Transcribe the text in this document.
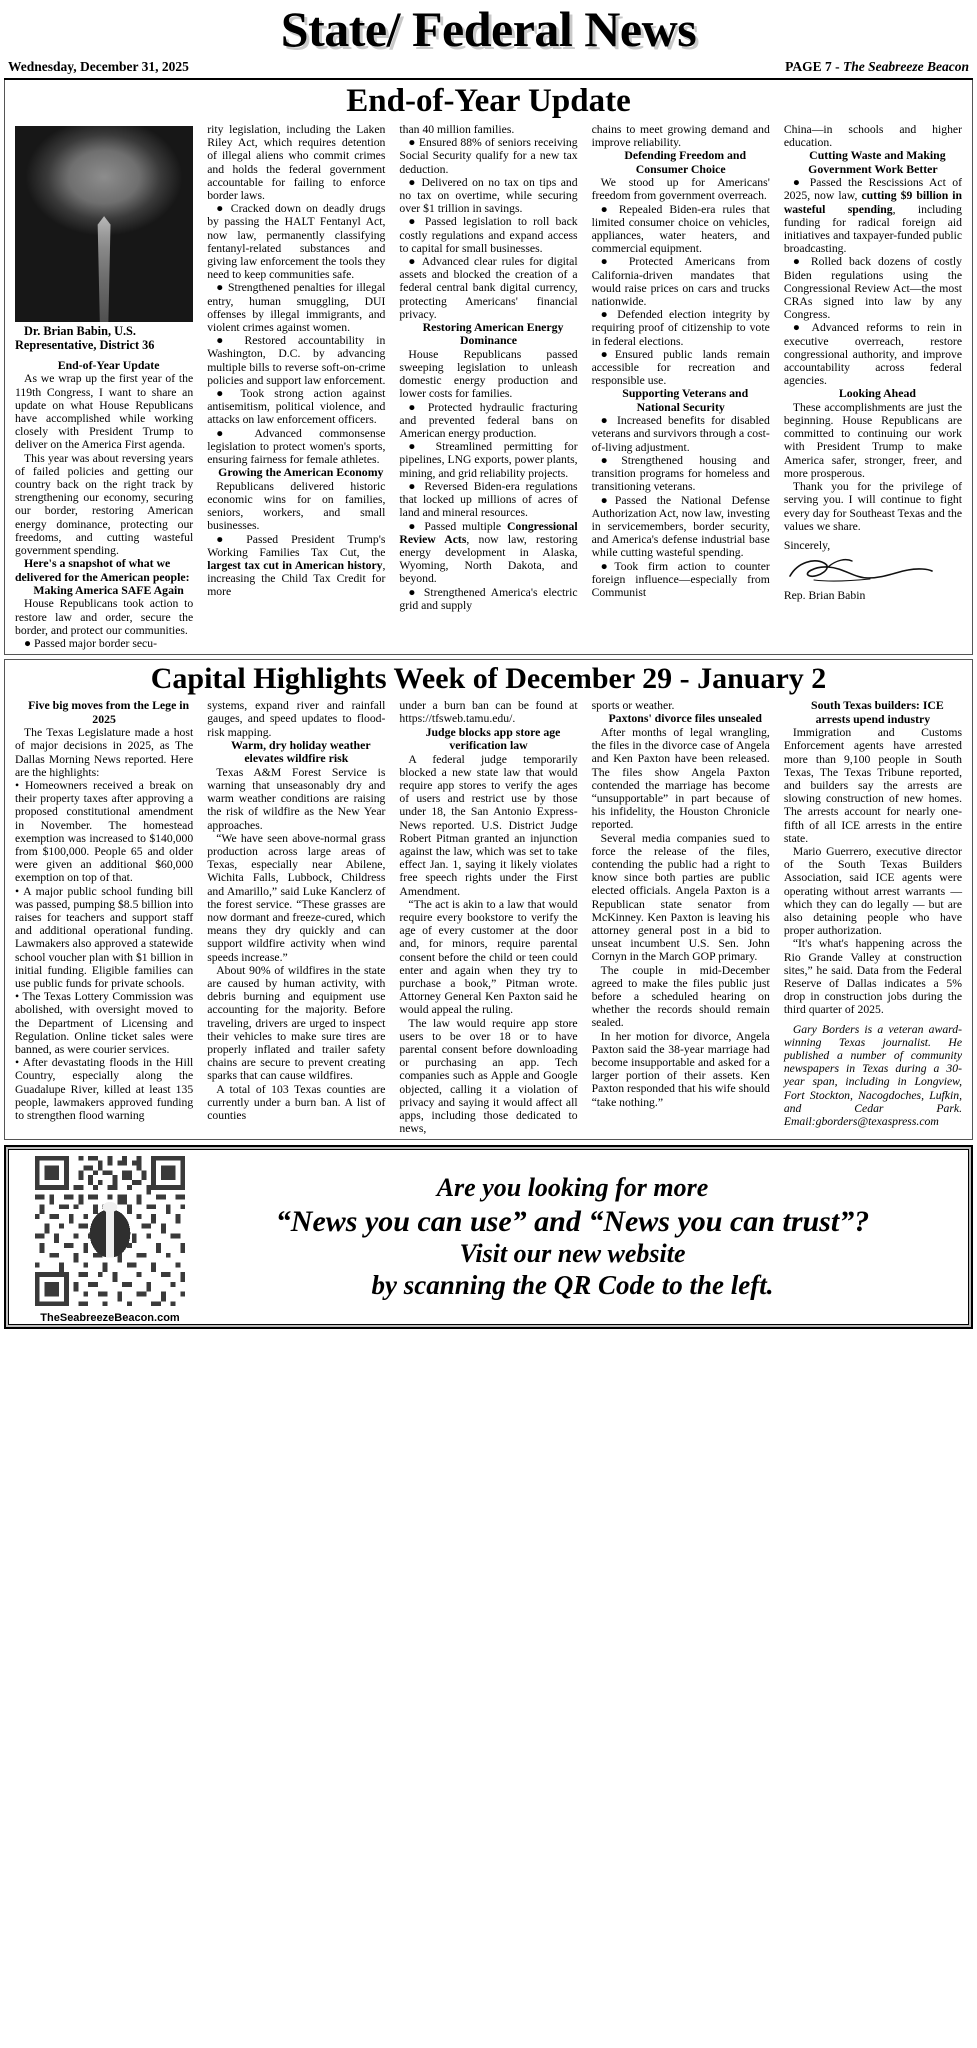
State/ Federal News
Wednesday, December 31, 2025	PAGE 7 - The Seabreeze Beacon
End-of-Year Update

Dr. Brian Babin, U.S. Representative, District 36

End-of-Year Update

As we wrap up the first year of the 119th Congress, I want to share an update on what House Republicans have accomplished while working closely with President Trump to deliver on the America First agenda.

This year was about reversing years of failed policies and getting our country back on the right track by strengthening our economy, securing our border, restoring American energy dominance, protecting our freedoms, and cutting wasteful government spending.

Here's a snapshot of what we delivered for the American people:

Making America SAFE Again

House Republicans took action to restore law and order, secure the border, and protect our communities.

● Passed major border secu-

rity legislation, including the Laken Riley Act, which requires detention of illegal aliens who commit crimes and holds the federal government accountable for failing to enforce border laws.

● Cracked down on deadly drugs by passing the HALT Fentanyl Act, now law, permanently classifying fentanyl-related substances and giving law enforcement the tools they need to keep communities safe.

● Strengthened penalties for illegal entry, human smuggling, DUI offenses by illegal immigrants, and violent crimes against women.

● Restored accountability in Washington, D.C. by advancing multiple bills to reverse soft-on-crime policies and support law enforcement.

● Took strong action against antisemitism, political violence, and attacks on law enforcement officers.

● Advanced commonsense legislation to protect women's sports, ensuring fairness for female athletes.

Growing the American Economy

Republicans delivered historic economic wins for on families, seniors, workers, and small businesses.

● Passed President Trump's Working Families Tax Cut, the largest tax cut in American history, increasing the Child Tax Credit for more

than 40 million families.

● Ensured 88% of seniors receiving Social Security qualify for a new tax deduction.

● Delivered on no tax on tips and no tax on overtime, while securing over $1 trillion in savings.

● Passed legislation to roll back costly regulations and expand access to capital for small businesses.

● Advanced clear rules for digital assets and blocked the creation of a federal central bank digital currency, protecting Americans' financial privacy.

Restoring American Energy Dominance

House Republicans passed sweeping legislation to unleash domestic energy production and lower costs for families.

● Protected hydraulic fracturing and prevented federal bans on American energy production.

● Streamlined permitting for pipelines, LNG exports, power plants, mining, and grid reliability projects.

● Reversed Biden-era regulations that locked up millions of acres of land and mineral resources.

● Passed multiple Congressional Review Acts, now law, restoring energy development in Alaska, Wyoming, North Dakota, and beyond.

● Strengthened America's electric grid and supply

chains to meet growing demand and improve reliability.

Defending Freedom and Consumer Choice

We stood up for Americans' freedom from government overreach.

● Repealed Biden-era rules that limited consumer choice on vehicles, appliances, water heaters, and commercial equipment.

● Protected Americans from California-driven mandates that would raise prices on cars and trucks nationwide.

● Defended election integrity by requiring proof of citizenship to vote in federal elections.

●Ensured public lands remain accessible for recreation and responsible use.

Supporting Veterans and National Security

● Increased benefits for disabled veterans and survivors through a cost-of-living adjustment.

●Strengthened housing and transition programs for homeless and transitioning veterans.

●Passed the National Defense Authorization Act, now law, investing in servicemembers, border security, and America's defense industrial base while cutting wasteful spending.

●Took firm action to counter foreign influence—especially from Communist

China—in schools and higher education.

Cutting Waste and Making Government Work Better

● Passed the Rescissions Act of 2025, now law, cutting $9 billion in wasteful spending, including funding for radical foreign aid initiatives and taxpayer-funded public broadcasting.

● Rolled back dozens of costly Biden regulations using the Congressional Review Act—the most CRAs signed into law by any Congress.

● Advanced reforms to rein in executive overreach, restore congressional authority, and improve accountability across federal agencies.

Looking Ahead

These accomplishments are just the beginning. House Republicans are committed to continuing our work with President Trump to make America safer, stronger, freer, and more prosperous.

Thank you for the privilege of serving you. I will continue to fight every day for Southeast Texas and the values we share.

Sincerely,

Rep. Brian Babin

Capital Highlights Week of December 29 - January 2

Five big moves from the Lege in 2025

The Texas Legislature made a host of major decisions in 2025, as The Dallas Morning News reported. Here are the highlights:

• Homeowners received a break on their property taxes after approving a proposed constitutional amendment in November. The homestead exemption was increased to $140,000 from $100,000. People 65 and older were given an additional $60,000 exemption on top of that.

• A major public school funding bill was passed, pumping $8.5 billion into raises for teachers and support staff and additional operational funding. Lawmakers also approved a statewide school voucher plan with $1 billion in initial funding. Eligible families can use public funds for private schools.

• The Texas Lottery Commission was abolished, with oversight moved to the Department of Licensing and Regulation. Online ticket sales were banned, as were courier services.

• After devastating floods in the Hill Country, especially along the Guadalupe River, killed at least 135 people, lawmakers approved funding to strengthen flood warning

systems, expand river and rainfall gauges, and speed updates to flood-risk mapping.

Warm, dry holiday weather elevates wildfire risk

Texas A&M Forest Service is warning that unseasonably dry and warm weather conditions are raising the risk of wildfire as the New Year approaches.

“We have seen above-normal grass production across large areas of Texas, especially near Abilene, Wichita Falls, Lubbock, Childress and Amarillo,” said Luke Kanclerz of the forest service. “These grasses are now dormant and freeze-cured, which means they dry quickly and can support wildfire activity when wind speeds increase.”

About 90% of wildfires in the state are caused by human activity, with debris burning and equipment use accounting for the majority. Before traveling, drivers are urged to inspect their vehicles to make sure tires are properly inflated and trailer safety chains are secure to prevent creating sparks that can cause wildfires.

A total of 103 Texas counties are currently under a burn ban. A list of counties

under a burn ban can be found at https://tfsweb.tamu.edu/.

Judge blocks app store age verification law

A federal judge temporarily blocked a new state law that would require app stores to verify the ages of users and restrict use by those under 18, the San Antonio Express-News reported. U.S. District Judge Robert Pitman granted an injunction against the law, which was set to take effect Jan. 1, saying it likely violates free speech rights under the First Amendment.

“The act is akin to a law that would require every bookstore to verify the age of every customer at the door and, for minors, require parental consent before the child or teen could enter and again when they try to purchase a book,” Pitman wrote. Attorney General Ken Paxton said he would appeal the ruling.

The law would require app store users to be over 18 or to have parental consent before downloading or purchasing an app. Tech companies such as Apple and Google objected, calling it a violation of privacy and saying it would affect all apps, including those dedicated to news,

sports or weather.

Paxtons' divorce files unsealed

After months of legal wrangling, the files in the divorce case of Angela and Ken Paxton have been released. The files show Angela Paxton contended the marriage has become “unsupportable” in part because of his infidelity, the Houston Chronicle reported.

Several media companies sued to force the release of the files, contending the public had a right to know since both parties are public elected officials. Angela Paxton is a Republican state senator from McKinney. Ken Paxton is leaving his attorney general post in a bid to unseat incumbent U.S. Sen. John Cornyn in the March GOP primary.

The couple in mid-December agreed to make the files public just before a scheduled hearing on whether the records should remain sealed.

In her motion for divorce, Angela Paxton said the 38-year marriage had become insupportable and asked for a larger portion of their assets. Ken Paxton responded that his wife should “take nothing.”

South Texas builders: ICE arrests upend industry

Immigration and Customs Enforcement agents have arrested more than 9,100 people in South Texas, The Texas Tribune reported, and builders say the arrests are slowing construction of new homes. The arrests account for nearly one-fifth of all ICE arrests in the entire state.

Mario Guerrero, executive director of the South Texas Builders Association, said ICE agents were operating without arrest warrants — which they can do legally — but are also detaining people who have proper authorization.

“It's what's happening across the Rio Grande Valley at construction sites,” he said. Data from the Federal Reserve of Dallas indicates a 5% drop in construction jobs during the third quarter of 2025.

Gary Borders is a veteran award-winning Texas journalist. He published a number of community newspapers in Texas during a 30-year span, including in Longview, Fort Stockton, Nacogdoches, Lufkin, and Cedar Park. Email:gborders@texaspress.com

TheSeabreezeBeacon.com
Are you looking for more
“News you can use” and “News you can trust”?
Visit our new website
by scanning the QR Code to the left.
